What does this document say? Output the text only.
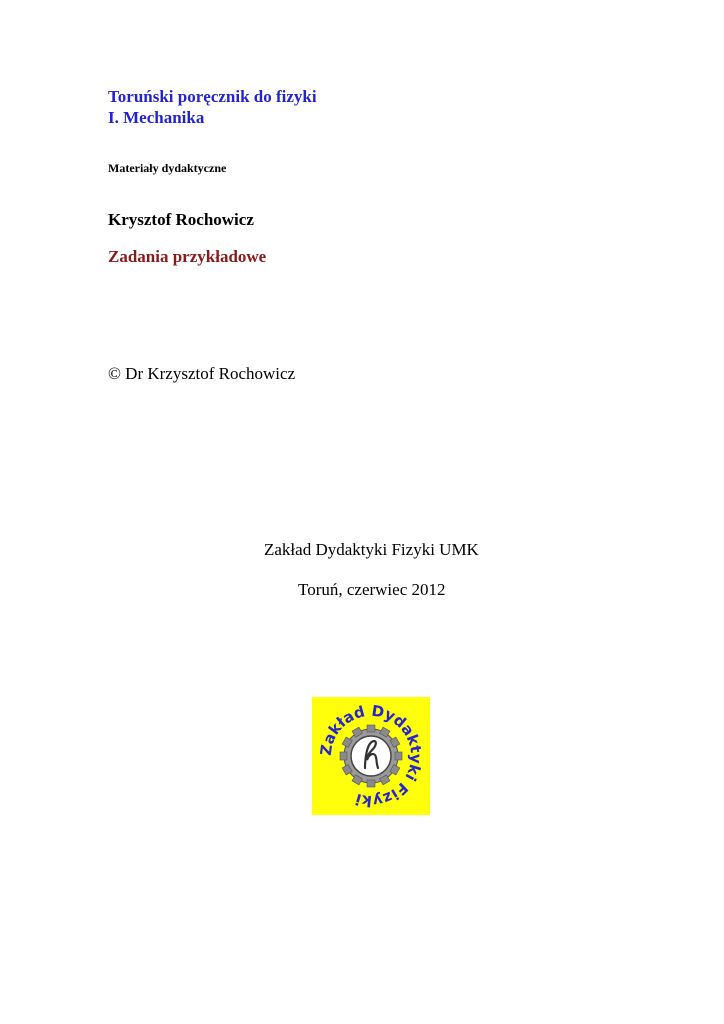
Toruński poręcznik do fizyki
I. Mechanika
Materiały dydaktyczne
Krysztof Rochowicz
Zadania przykładowe
© Dr Krzysztof Rochowicz
Zakład Dydaktyki Fizyki UMK
Toruń, czerwiec 2012
Zakład Dydaktyki Fizyki
